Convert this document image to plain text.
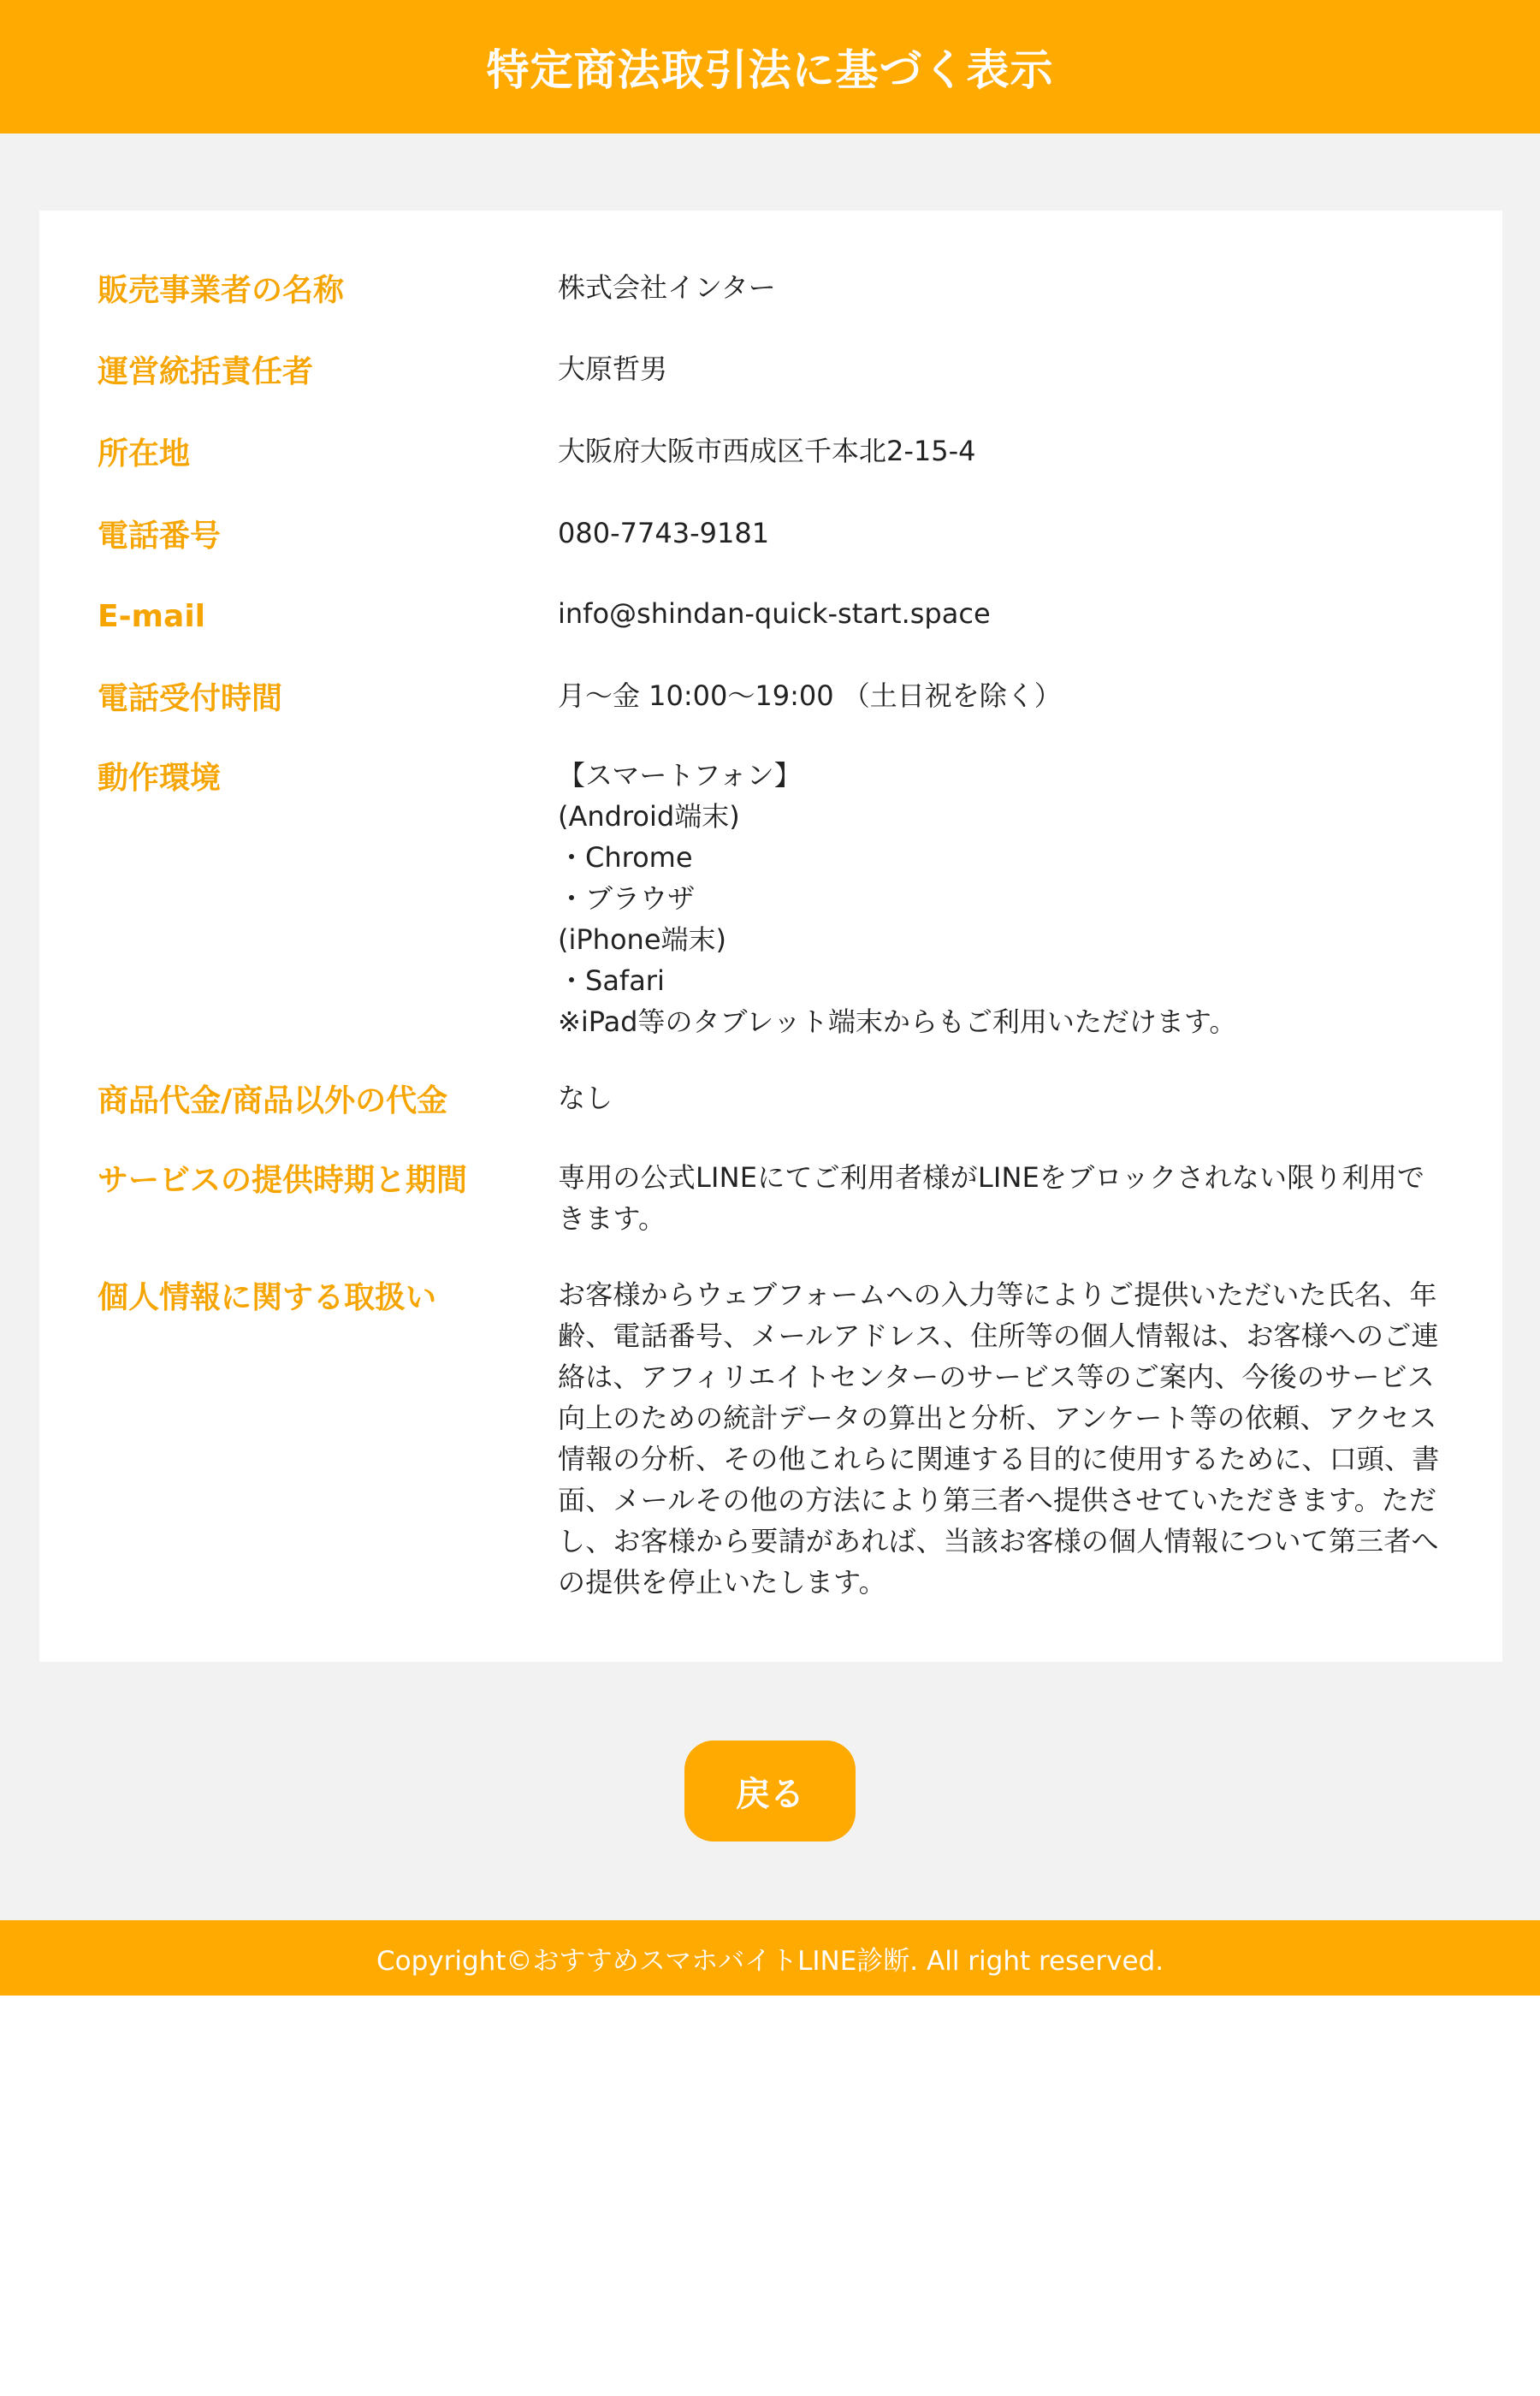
特定商法取引法に基づく表示
販売事業者の名称	株式会社インター
運営統括責任者	大原哲男
所在地	大阪府大阪市西成区千本北2-15-4
電話番号	080-7743-9181
E-mail	info@shindan-quick-start.space
電話受付時間	月〜金 10:00〜19:00 （土日祝を除く）
動作環境	【スマートフォン】
(Android端末)
・Chrome
・ブラウザ
(iPhone端末)
・Safari
※iPad等のタブレット端末からもご利用いただけます。
商品代金/商品以外の代金	なし
サービスの提供時期と期間	専用の公式LINEにてご利用者様がLINEをブロックされない限り利用できます。
個人情報に関する取扱い	お客様からウェブフォームへの入力等によりご提供いただいた氏名、年齢、電話番号、メールアドレス、住所等の個人情報は、お客様へのご連絡は、アフィリエイトセンターのサービス等のご案内、今後のサービス向上のための統計データの算出と分析、アンケート等の依頼、アクセス情報の分析、その他これらに関連する目的に使用するために、口頭、書面、メールその他の方法により第三者へ提供させていただきます。ただし、お客様から要請があれば、当該お客様の個人情報について第三者への提供を停止いたします。
戻る
Copyright©おすすめスマホバイトLINE診断. All right reserved.
